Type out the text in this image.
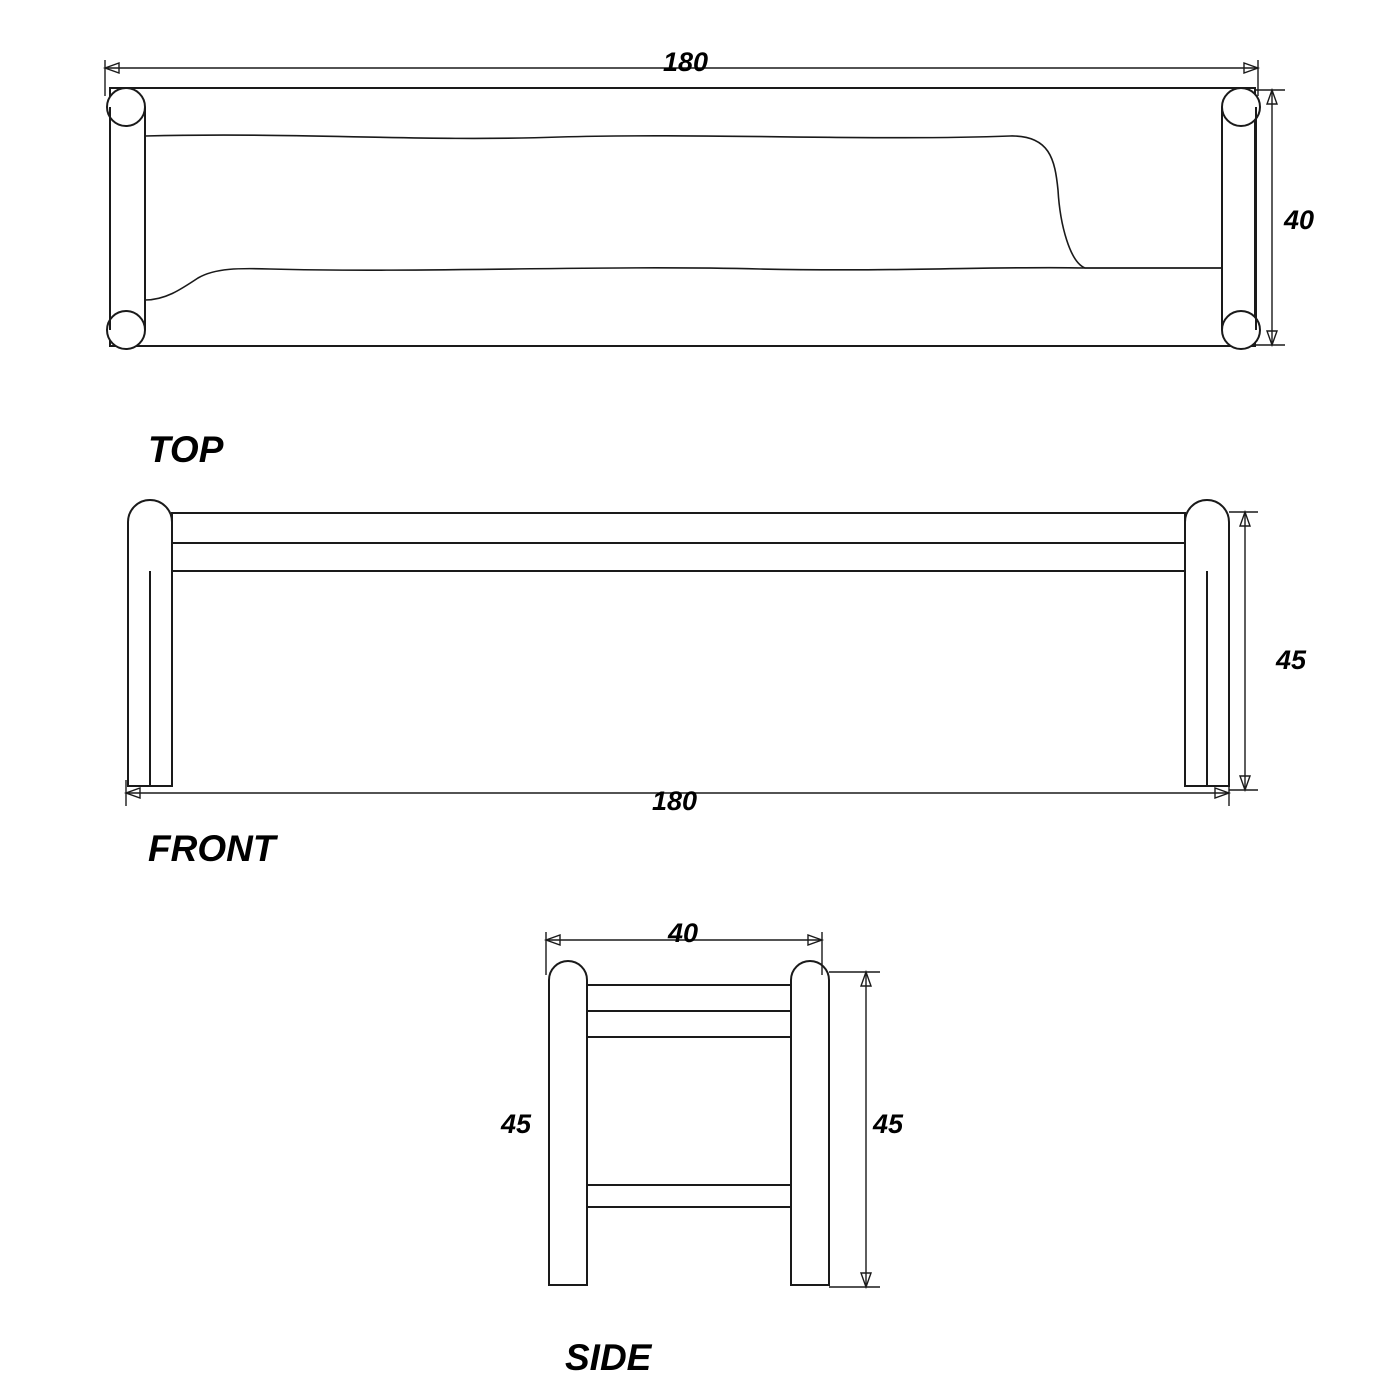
180
40
TOP
45
180
FRONT
40
45	45
SIDE
